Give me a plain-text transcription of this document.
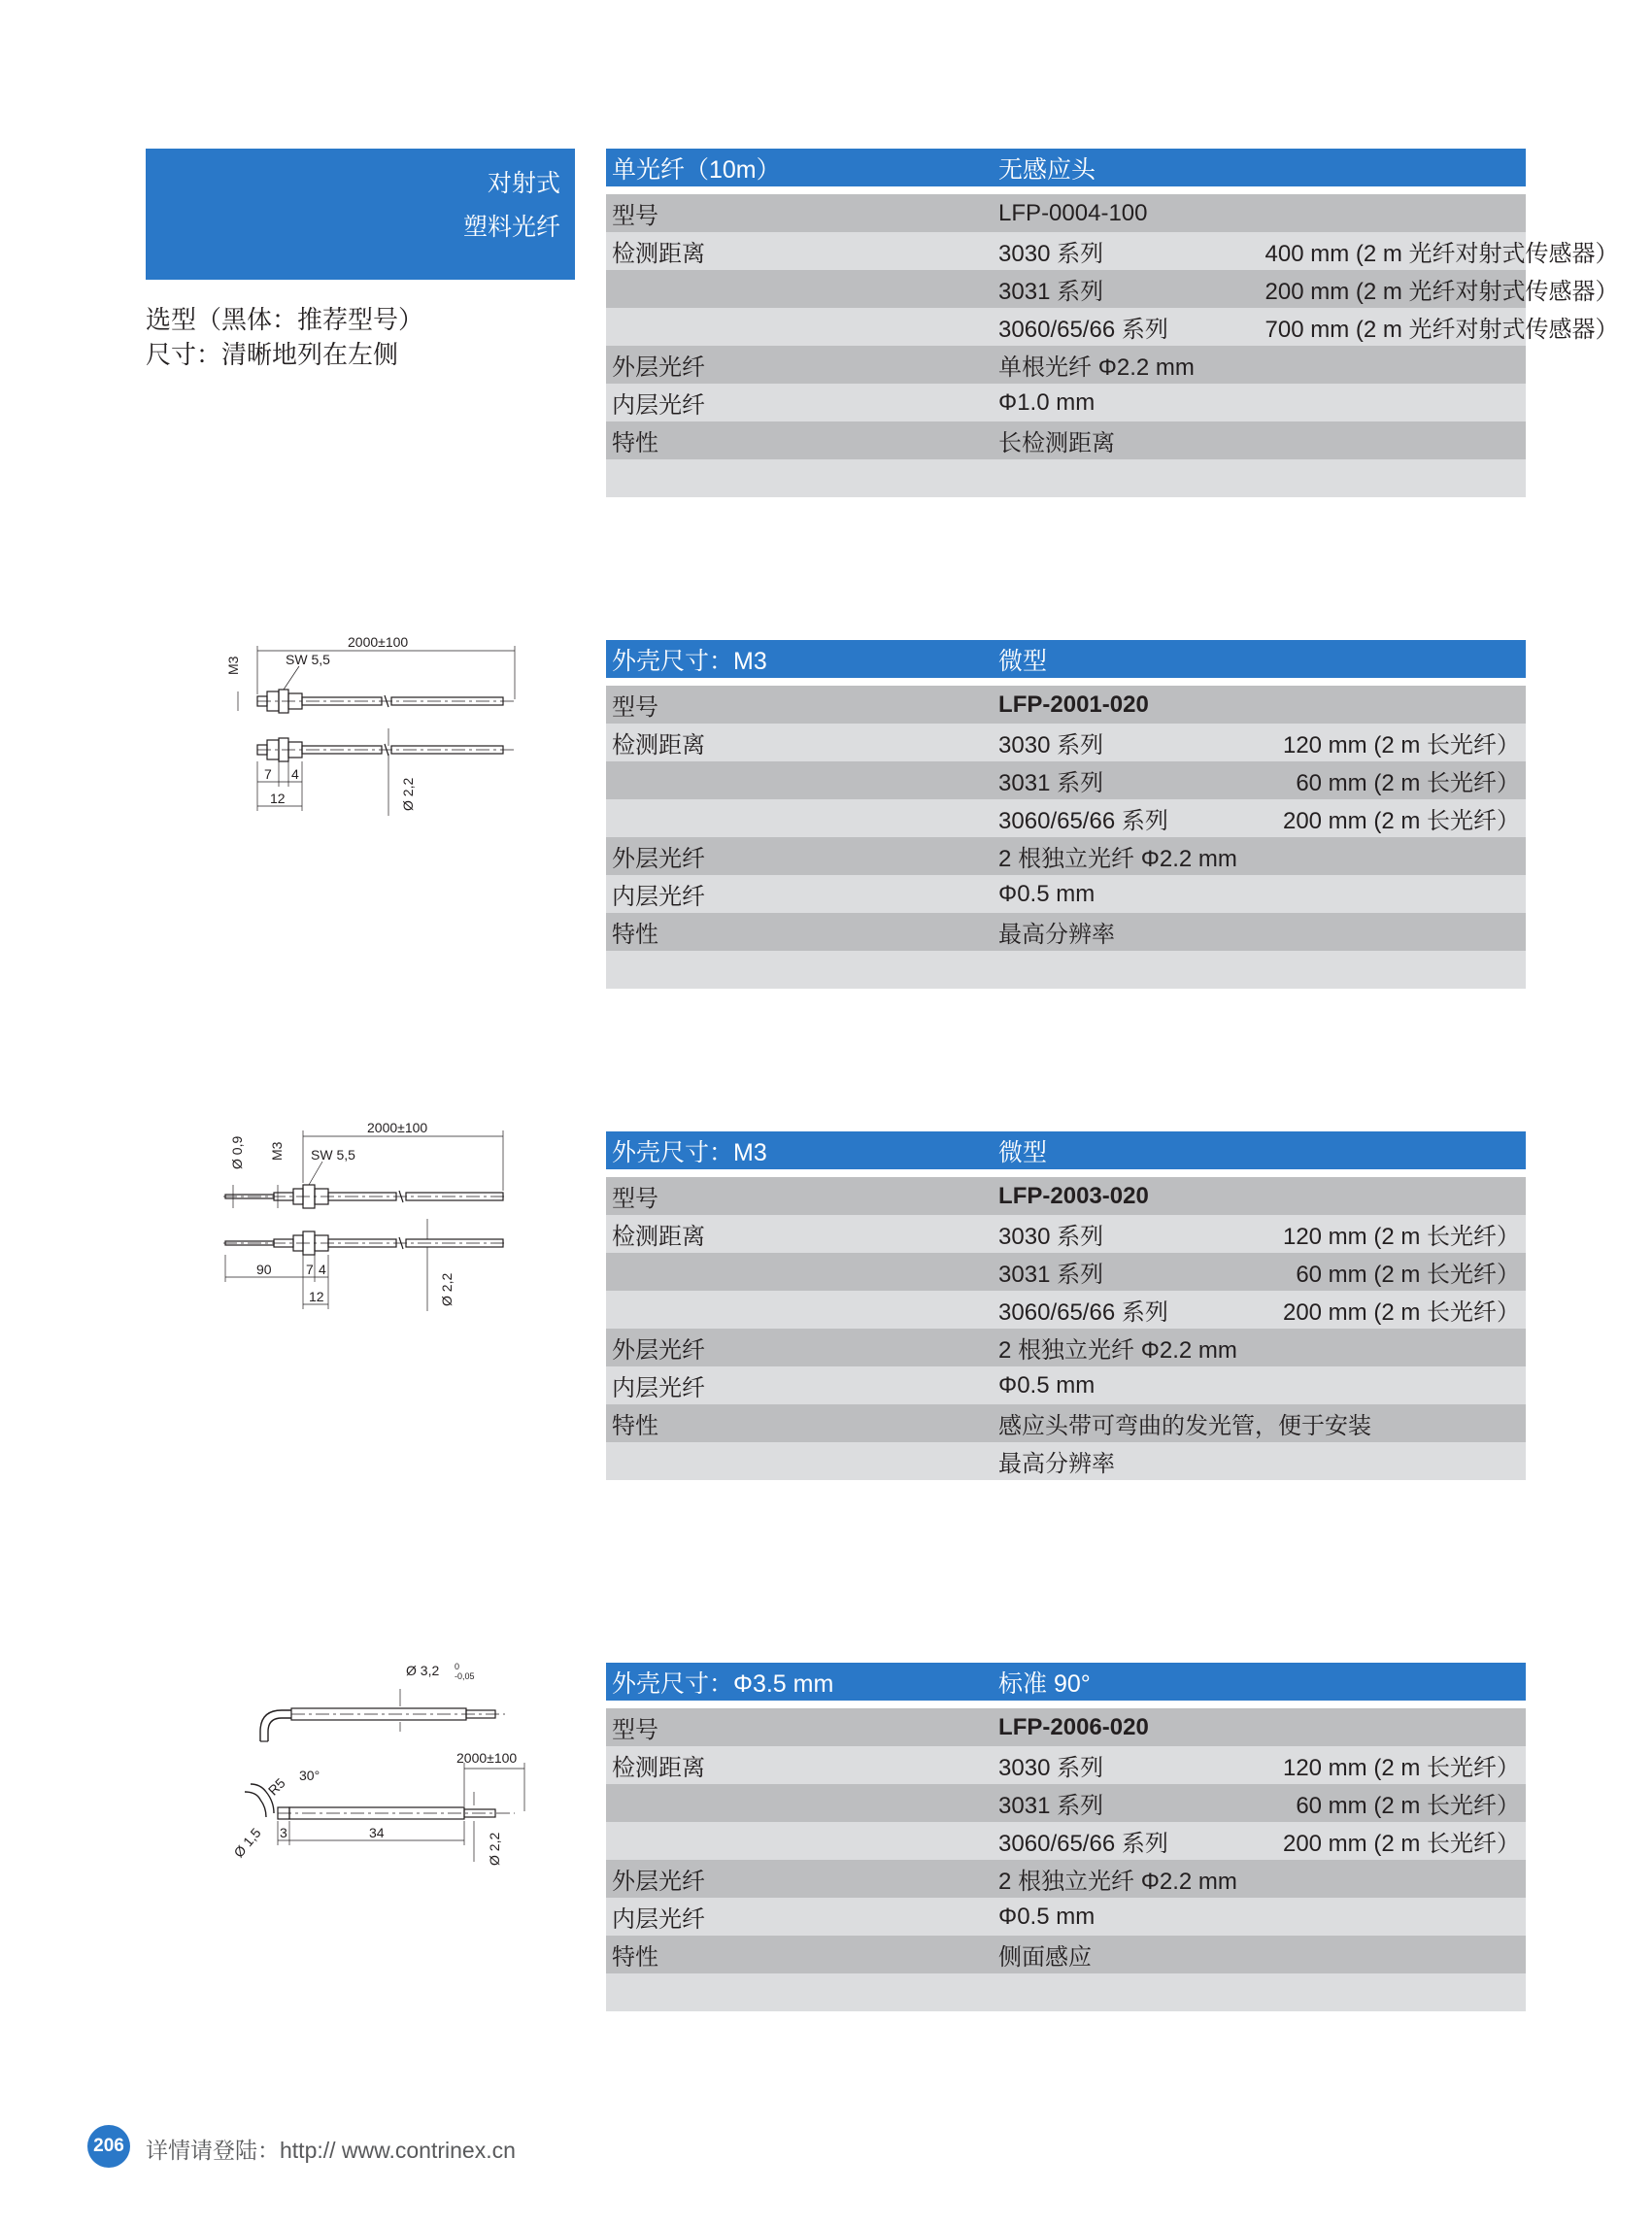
对射式
塑料光纤
选型（黑体：推荐型号）
尺寸：清晰地列在左侧
单光纤（10m）	无感应头	

型号	LFP-0004-100	
检测距离	3030 系列	400 mm (2 m 光纤对射式传感器）
	3031 系列	200 mm (2 m 光纤对射式传感器）
	3060/65/66 系列	700 mm (2 m 光纤对射式传感器）
外层光纤	单根光纤 Φ2.2 mm	
内层光纤	Φ1.0 mm	
特性	长检测距离	

外壳尺寸：M3	微型	

型号	LFP-2001-020	
检测距离	3030 系列	120 mm (2 m 长光纤）
	3031 系列	60 mm (2 m 长光纤）
	3060/65/66 系列	200 mm (2 m 长光纤）
外层光纤	2 根独立光纤 Φ2.2 mm	
内层光纤	Φ0.5 mm	
特性	最高分辨率	

外壳尺寸：M3	微型	

型号	LFP-2003-020	
检测距离	3030 系列	120 mm (2 m 长光纤）
	3031 系列	60 mm (2 m 长光纤）
	3060/65/66 系列	200 mm (2 m 长光纤）
外层光纤	2 根独立光纤 Φ2.2 mm	
内层光纤	Φ0.5 mm	
特性	感应头带可弯曲的发光管，便于安装	
	最高分辨率	
外壳尺寸：Φ3.5 mm	标准 90°	

型号	LFP-2006-020	
检测距离	3030 系列	120 mm (2 m 长光纤）
	3031 系列	60 mm (2 m 长光纤）
	3060/65/66 系列	200 mm (2 m 长光纤）
外层光纤	2 根独立光纤 Φ2.2 mm	
内层光纤	Φ0.5 mm	
特性	侧面感应	

2000±100
M3	SW 5,5
7 4
12	Ø 2,2
2000±100
Ø 0,9 M3 SW 5,5
90	7 4
12	Ø 2,2
Ø 3,2 0
-0,05
2000±100
R5 30°
Ø 1,5 3	34	Ø 2,2
206 详情请登陆：http:// www.contrinex.cn
